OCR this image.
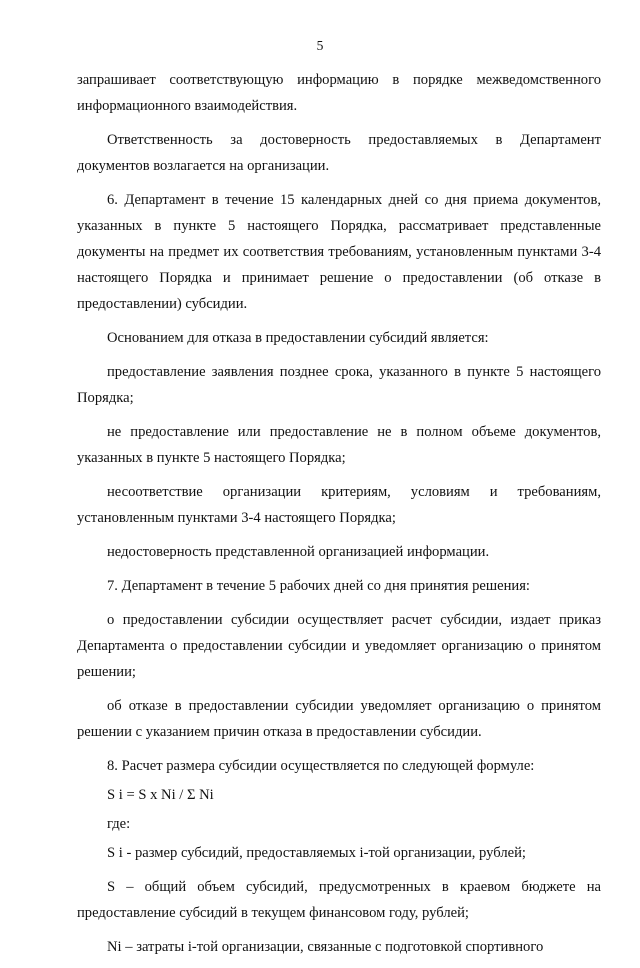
5

запрашивает соответствующую информацию в порядке межведомственного информационного взаимодействия.

Ответственность за достоверность предоставляемых в Департамент документов возлагается на организации.

6. Департамент в течение 15 календарных дней со дня приема документов, указанных в пункте 5 настоящего Порядка, рассматривает представленные документы на предмет их соответствия требованиям, установленным пунктами 3-4 настоящего Порядка и принимает решение о предоставлении (об отказе в предоставлении) субсидии.

Основанием для отказа в предоставлении субсидий является:

предоставление заявления позднее срока, указанного в пункте 5 настоящего Порядка;

не предоставление или предоставление не в полном объеме документов, указанных в пункте 5 настоящего Порядка;

несоответствие организации критериям, условиям и требованиям, установленным пунктами 3-4 настоящего Порядка;

недостоверность представленной организацией информации.

7. Департамент в течение 5 рабочих дней со дня принятия решения:

о предоставлении субсидии осуществляет расчет субсидии, издает приказ Департамента о предоставлении субсидии и уведомляет организацию о принятом решении;

об отказе в предоставлении субсидии уведомляет организацию о принятом решении с указанием причин отказа в предоставлении субсидии.

8. Расчет размера субсидии осуществляется по следующей формуле:

S i = S x Ni / Σ Ni

где:

S i - размер субсидий, предоставляемых i-той организации, рублей;

S – общий объем субсидий, предусмотренных в краевом бюджете на предоставление субсидий в текущем финансовом году, рублей;

Ni – затраты i-той организации, связанные с подготовкой спортивного
